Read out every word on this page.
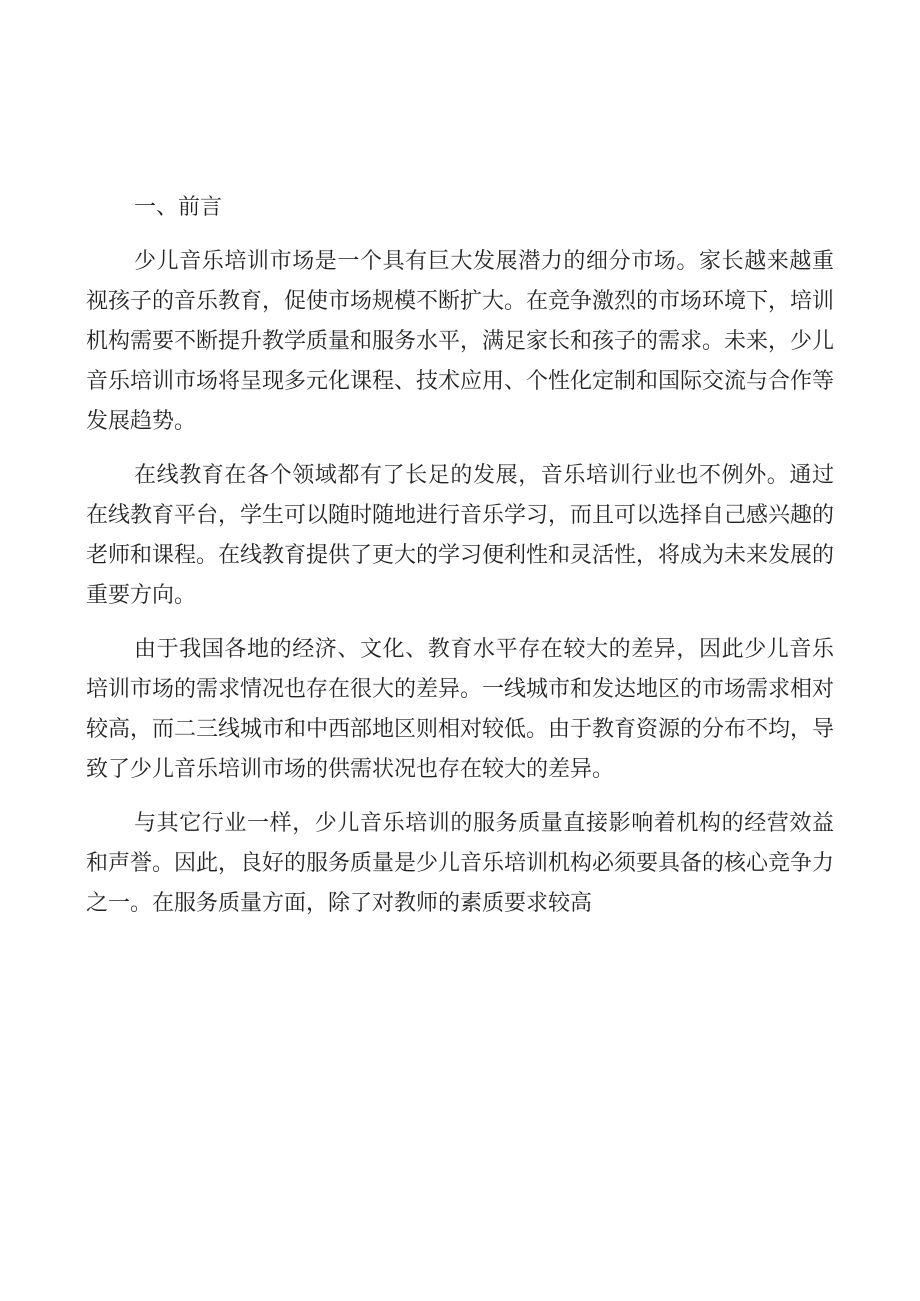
一、前言

少儿音乐培训市场是一个具有巨大发展潜力的细分市场。家长越来越重视孩子的音乐教育，促使市场规模不断扩大。在竞争激烈的市场环境下，培训机构需要不断提升教学质量和服务水平，满足家长和孩子的需求。未来，少儿音乐培训市场将呈现多元化课程、技术应用、个性化定制和国际交流与合作等发展趋势。

在线教育在各个领域都有了长足的发展，音乐培训行业也不例外。通过在线教育平台，学生可以随时随地进行音乐学习，而且可以选择自己感兴趣的老师和课程。在线教育提供了更大的学习便利性和灵活性，将成为未来发展的重要方向。

由于我国各地的经济、文化、教育水平存在较大的差异，因此少儿音乐培训市场的需求情况也存在很大的差异。一线城市和发达地区的市场需求相对较高，而二三线城市和中西部地区则相对较低。由于教育资源的分布不均，导致了少儿音乐培训市场的供需状况也存在较大的差异。

与其它行业一样，少儿音乐培训的服务质量直接影响着机构的经营效益和声誉。因此，良好的服务质量是少儿音乐培训机构必须要具备的核心竞争力之一。在服务质量方面，除了对教师的素质要求较高
